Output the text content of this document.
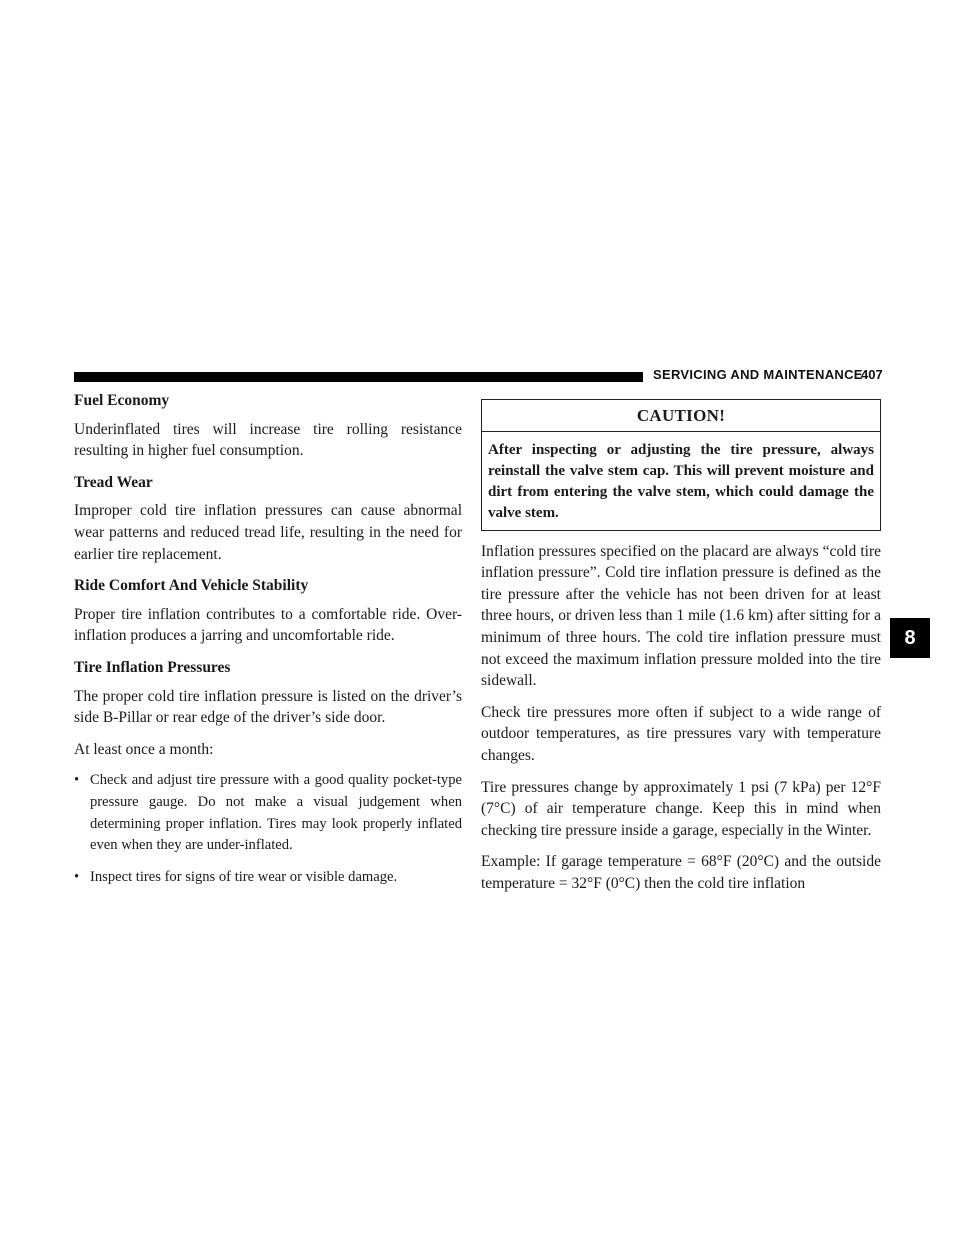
SERVICING AND MAINTENANCE
407
Fuel Economy

Underinflated tires will increase tire rolling resistance resulting in higher fuel consumption.

Tread Wear

Improper cold tire inflation pressures can cause abnormal wear patterns and reduced tread life, resulting in the need for earlier tire replacement.

Ride Comfort And Vehicle Stability

Proper tire inflation contributes to a comfortable ride. Over-inflation produces a jarring and uncomfortable ride.

Tire Inflation Pressures

The proper cold tire inflation pressure is listed on the driver’s side B-Pillar or rear edge of the driver’s side door.

At least once a month:

• Check and adjust tire pressure with a good quality pocket-type pressure gauge. Do not make a visual judgement when determining proper inflation. Tires may look properly inflated even when they are under-inflated.
• Inspect tires for signs of tire wear or visible damage.
CAUTION!
After inspecting or adjusting the tire pressure, always reinstall the valve stem cap. This will prevent moisture and dirt from entering the valve stem, which could damage the valve stem.

Inflation pressures specified on the placard are always “cold tire inflation pressure”. Cold tire inflation pressure is defined as the tire pressure after the vehicle has not been driven for at least three hours, or driven less than 1 mile (1.6 km) after sitting for a minimum of three hours. The cold tire inflation pressure must not exceed the maximum inflation pressure molded into the tire sidewall.

Check tire pressures more often if subject to a wide range of outdoor temperatures, as tire pressures vary with temperature changes.

Tire pressures change by approximately 1 psi (7 kPa) per 12°F (7°C) of air temperature change. Keep this in mind when checking tire pressure inside a garage, especially in the Winter.

Example: If garage temperature = 68°F (20°C) and the outside temperature = 32°F (0°C) then the cold tire inflation

8
